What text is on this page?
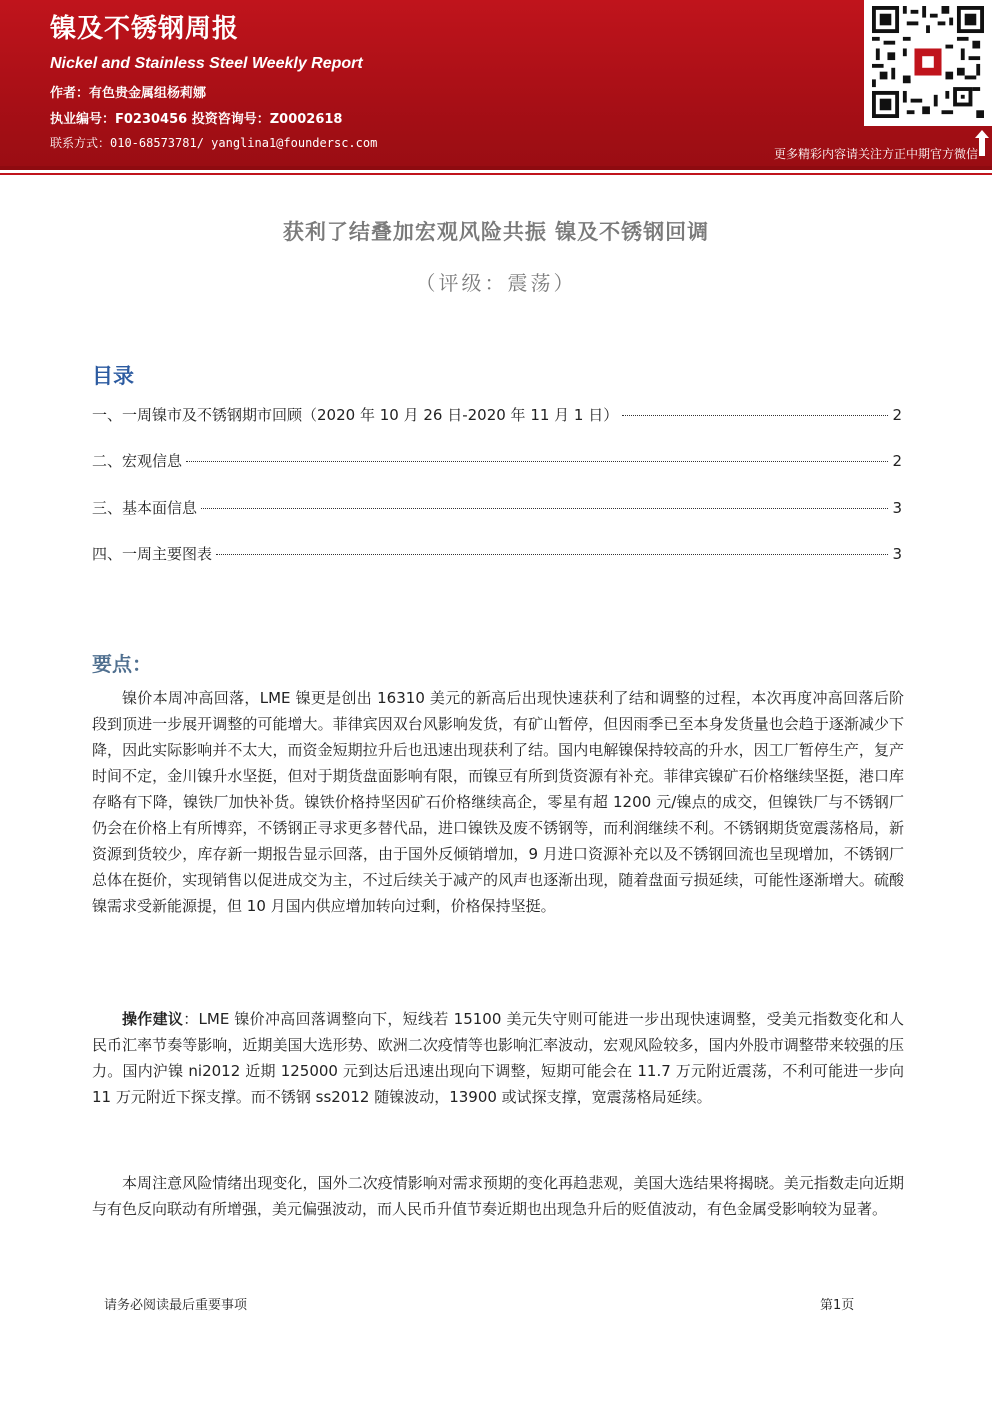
镍及不锈钢周报
Nickel and Stainless Steel Weekly Report
作者：有色贵金属组杨莉娜
执业编号：F0230456 投资咨询号：Z0002618
联系方式：010-68573781/ yanglina1@foundersc.com
更多精彩内容请关注方正中期官方微信
获利了结叠加宏观风险共振 镍及不锈钢回调
（评级：震荡）
目录
一、一周镍市及不锈钢期市回顾（2020 年 10 月 26 日-2020 年 11 月 1 日）	2
二、宏观信息	2
三、基本面信息	3
四、一周主要图表	3
要点：
镍价本周冲高回落，LME 镍更是创出 16310 美元的新高后出现快速获利了结和调整的过程，本次再度冲高回落后阶段到顶进一步展开调整的可能增大。菲律宾因双台风影响发货，有矿山暂停，但因雨季已至本身发货量也会趋于逐渐减少下降，因此实际影响并不太大，而资金短期拉升后也迅速出现获利了结。国内电解镍保持较高的升水，因工厂暂停生产，复产时间不定，金川镍升水坚挺，但对于期货盘面影响有限，而镍豆有所到货资源有补充。菲律宾镍矿石价格继续坚挺，港口库存略有下降，镍铁厂加快补货。镍铁价格持坚因矿石价格继续高企，零星有超 1200 元/镍点的成交，但镍铁厂与不锈钢厂仍会在价格上有所博弈，不锈钢正寻求更多替代品，进口镍铁及废不锈钢等，而利润继续不利。不锈钢期货宽震荡格局，新资源到货较少，库存新一期报告显示回落，由于国外反倾销增加，9 月进口资源补充以及不锈钢回流也呈现增加，不锈钢厂总体在挺价，实现销售以促进成交为主，不过后续关于减产的风声也逐渐出现，随着盘面亏损延续，可能性逐渐增大。硫酸镍需求受新能源提，但 10 月国内供应增加转向过剩，价格保持坚挺。
操作建议：LME 镍价冲高回落调整向下，短线若 15100 美元失守则可能进一步出现快速调整，受美元指数变化和人民币汇率节奏等影响，近期美国大选形势、欧洲二次疫情等也影响汇率波动，宏观风险较多，国内外股市调整带来较强的压力。国内沪镍 ni2012 近期 125000 元到达后迅速出现向下调整，短期可能会在 11.7 万元附近震荡，不利可能进一步向 11 万元附近下探支撑。而不锈钢 ss2012 随镍波动，13900 或试探支撑，宽震荡格局延续。
本周注意风险情绪出现变化，国外二次疫情影响对需求预期的变化再趋悲观，美国大选结果将揭晓。美元指数走向近期与有色反向联动有所增强，美元偏强波动，而人民币升值节奏近期也出现急升后的贬值波动，有色金属受影响较为显著。
请务必阅读最后重要事项	第1页
